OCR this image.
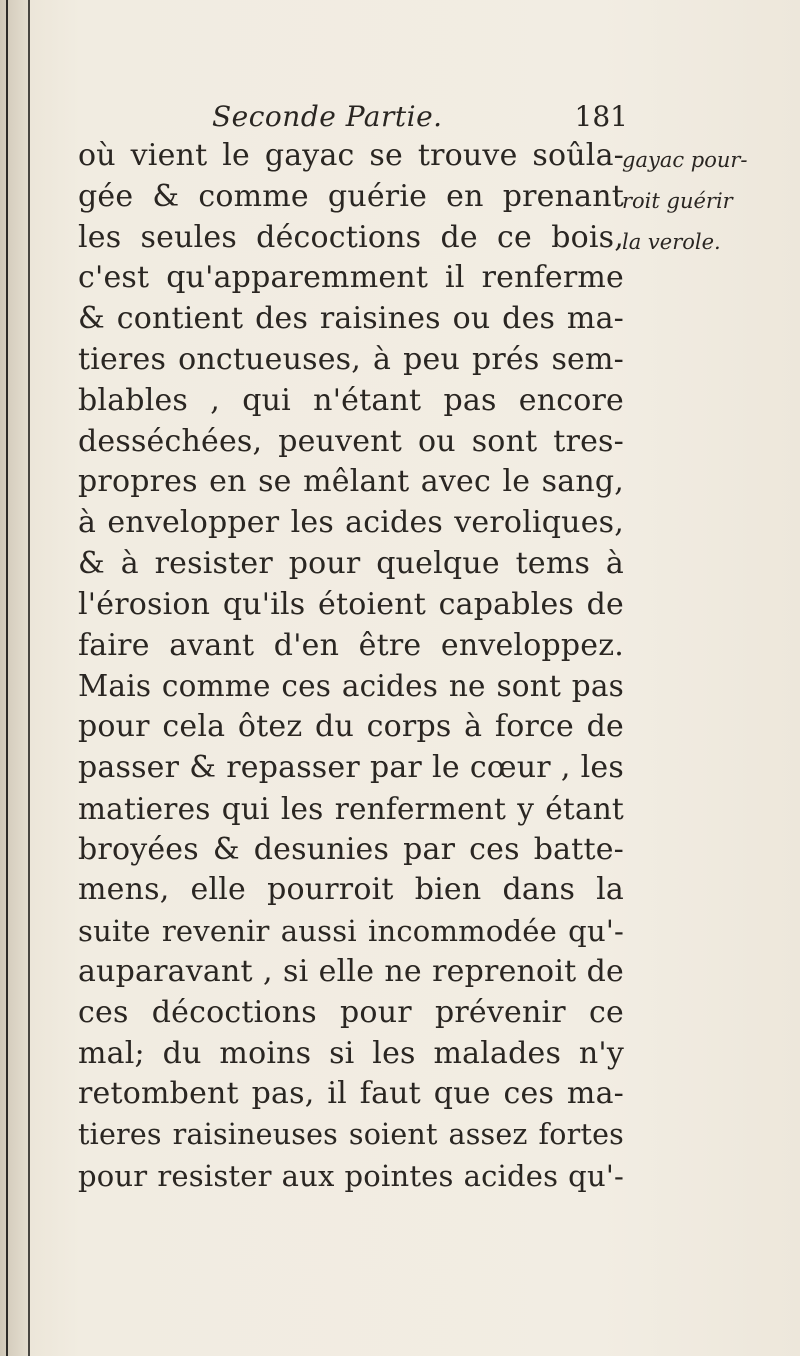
Seconde Partie.	181
gayac pour-
roit guérir
la verole.
où vient le gayac se trouve soûla-
gée & comme guérie en prenant
les seules décoctions de ce bois,
c'est qu'apparemment il renferme
& contient des raisines ou des ma-
tieres onctueuses, à peu prés sem-
blables , qui n'étant pas encore
desséchées, peuvent ou sont tres-
propres en se mêlant avec le sang,
à envelopper les acides veroliques,
& à resister pour quelque tems à
l'érosion qu'ils étoient capables de
faire avant d'en être enveloppez.
Mais comme ces acides ne sont pas
pour cela ôtez du corps à force de
passer & repasser par le cœur , les
matieres qui les renferment y étant
broyées & desunies par ces batte-
mens, elle pourroit bien dans la
suite revenir aussi incommodée qu'-
auparavant , si elle ne reprenoit de
ces décoctions pour prévenir ce
mal; du moins si les malades n'y
retombent pas, il faut que ces ma-
tieres raisineuses soient assez fortes
pour resister aux pointes acides qu'-
